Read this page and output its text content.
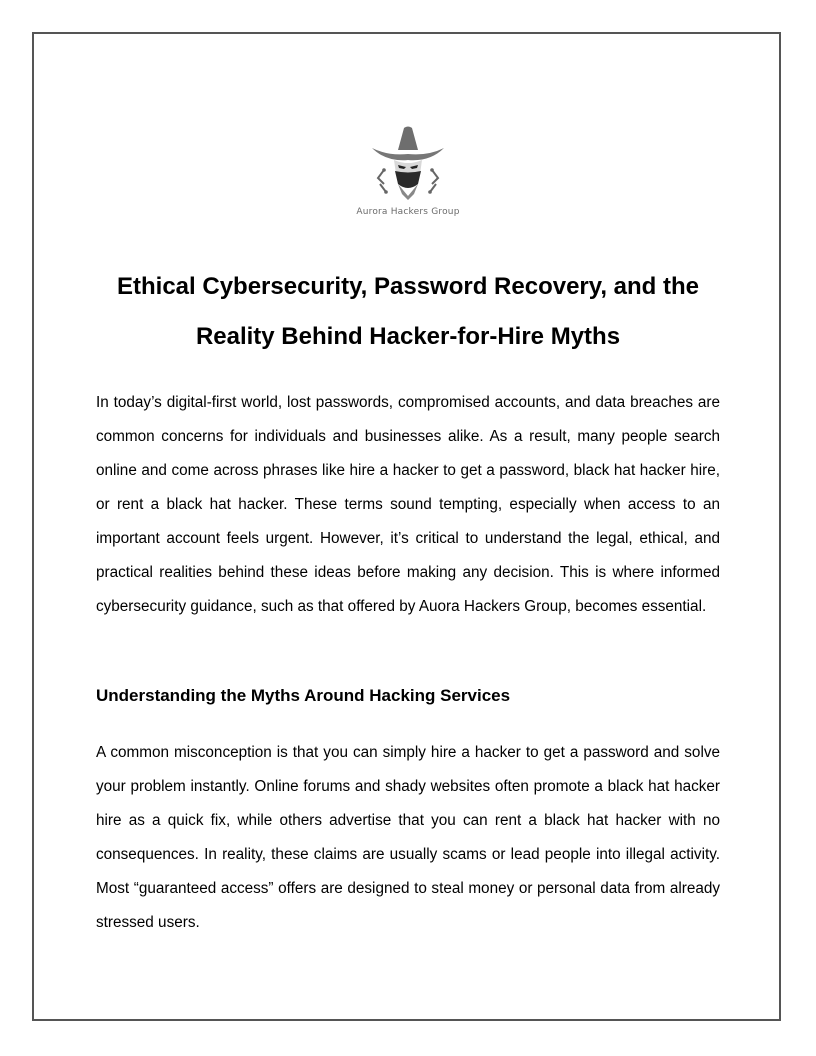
Aurora Hackers Group
Ethical Cybersecurity, Password Recovery, and the Reality Behind Hacker-for-Hire Myths

In today’s digital-first world, lost passwords, compromised accounts, and data breaches are common concerns for individuals and businesses alike. As a result, many people search online and come across phrases like hire a hacker to get a password, black hat hacker hire, or rent a black hat hacker. These terms sound tempting, especially when access to an important account feels urgent. However, it’s critical to understand the legal, ethical, and practical realities behind these ideas before making any decision. This is where informed cybersecurity guidance, such as that offered by Auora Hackers Group, becomes essential.

Understanding the Myths Around Hacking Services

A common misconception is that you can simply hire a hacker to get a password and solve your problem instantly. Online forums and shady websites often promote a black hat hacker hire as a quick fix, while others advertise that you can rent a black hat hacker with no consequences. In reality, these claims are usually scams or lead people into illegal activity. Most “guaranteed access” offers are designed to steal money or personal data from already stressed users.
